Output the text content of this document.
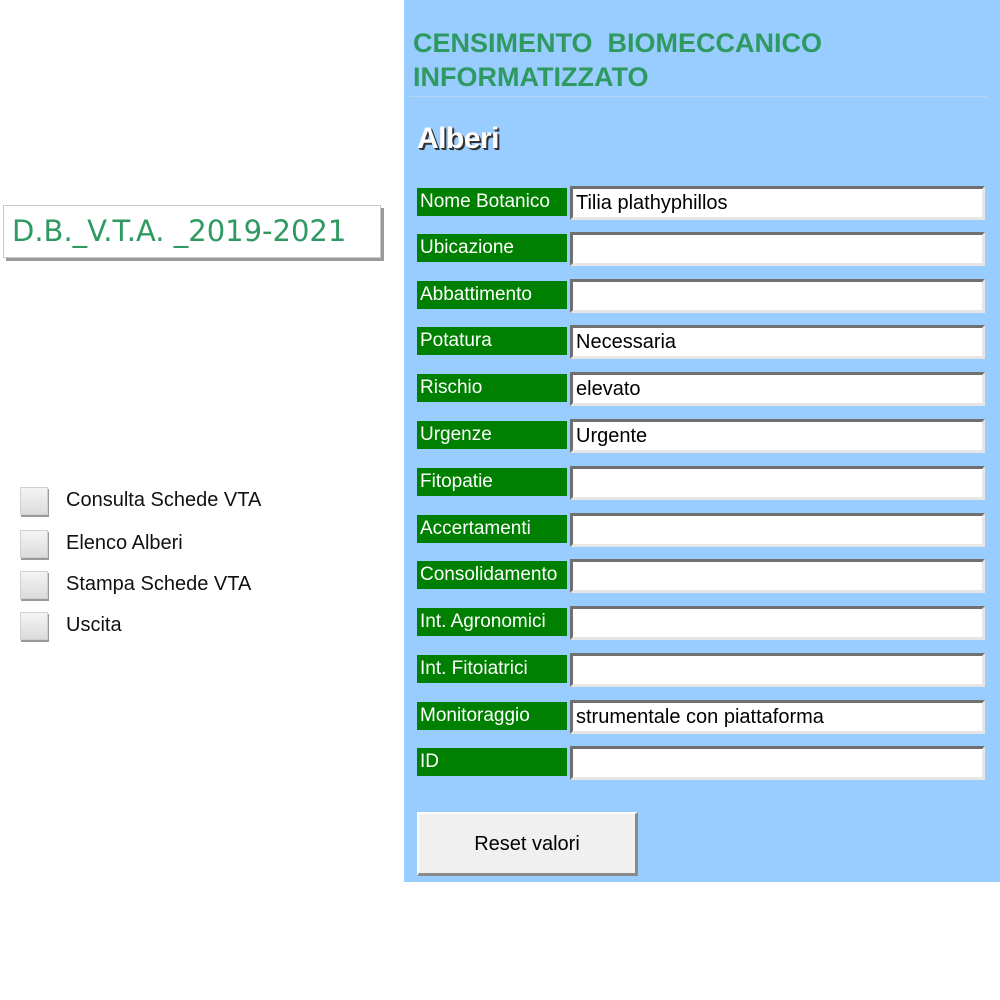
D.B._V.T.A. _2019-2021
Consulta Schede VTA
Elenco Alberi
Stampa Schede VTA
Uscita
CENSIMENTO  BIOMECCANICO
INFORMATIZZATO
Alberi
Nome Botanico	Tilia plathyphillos
Ubicazione
Abbattimento
Potatura	Necessaria
Rischio	elevato
Urgenze	Urgente
Fitopatie
Accertamenti
Consolidamento
Int. Agronomici
Int. Fitoiatrici
Monitoraggio	strumentale con piattaforma
ID
Reset valori
